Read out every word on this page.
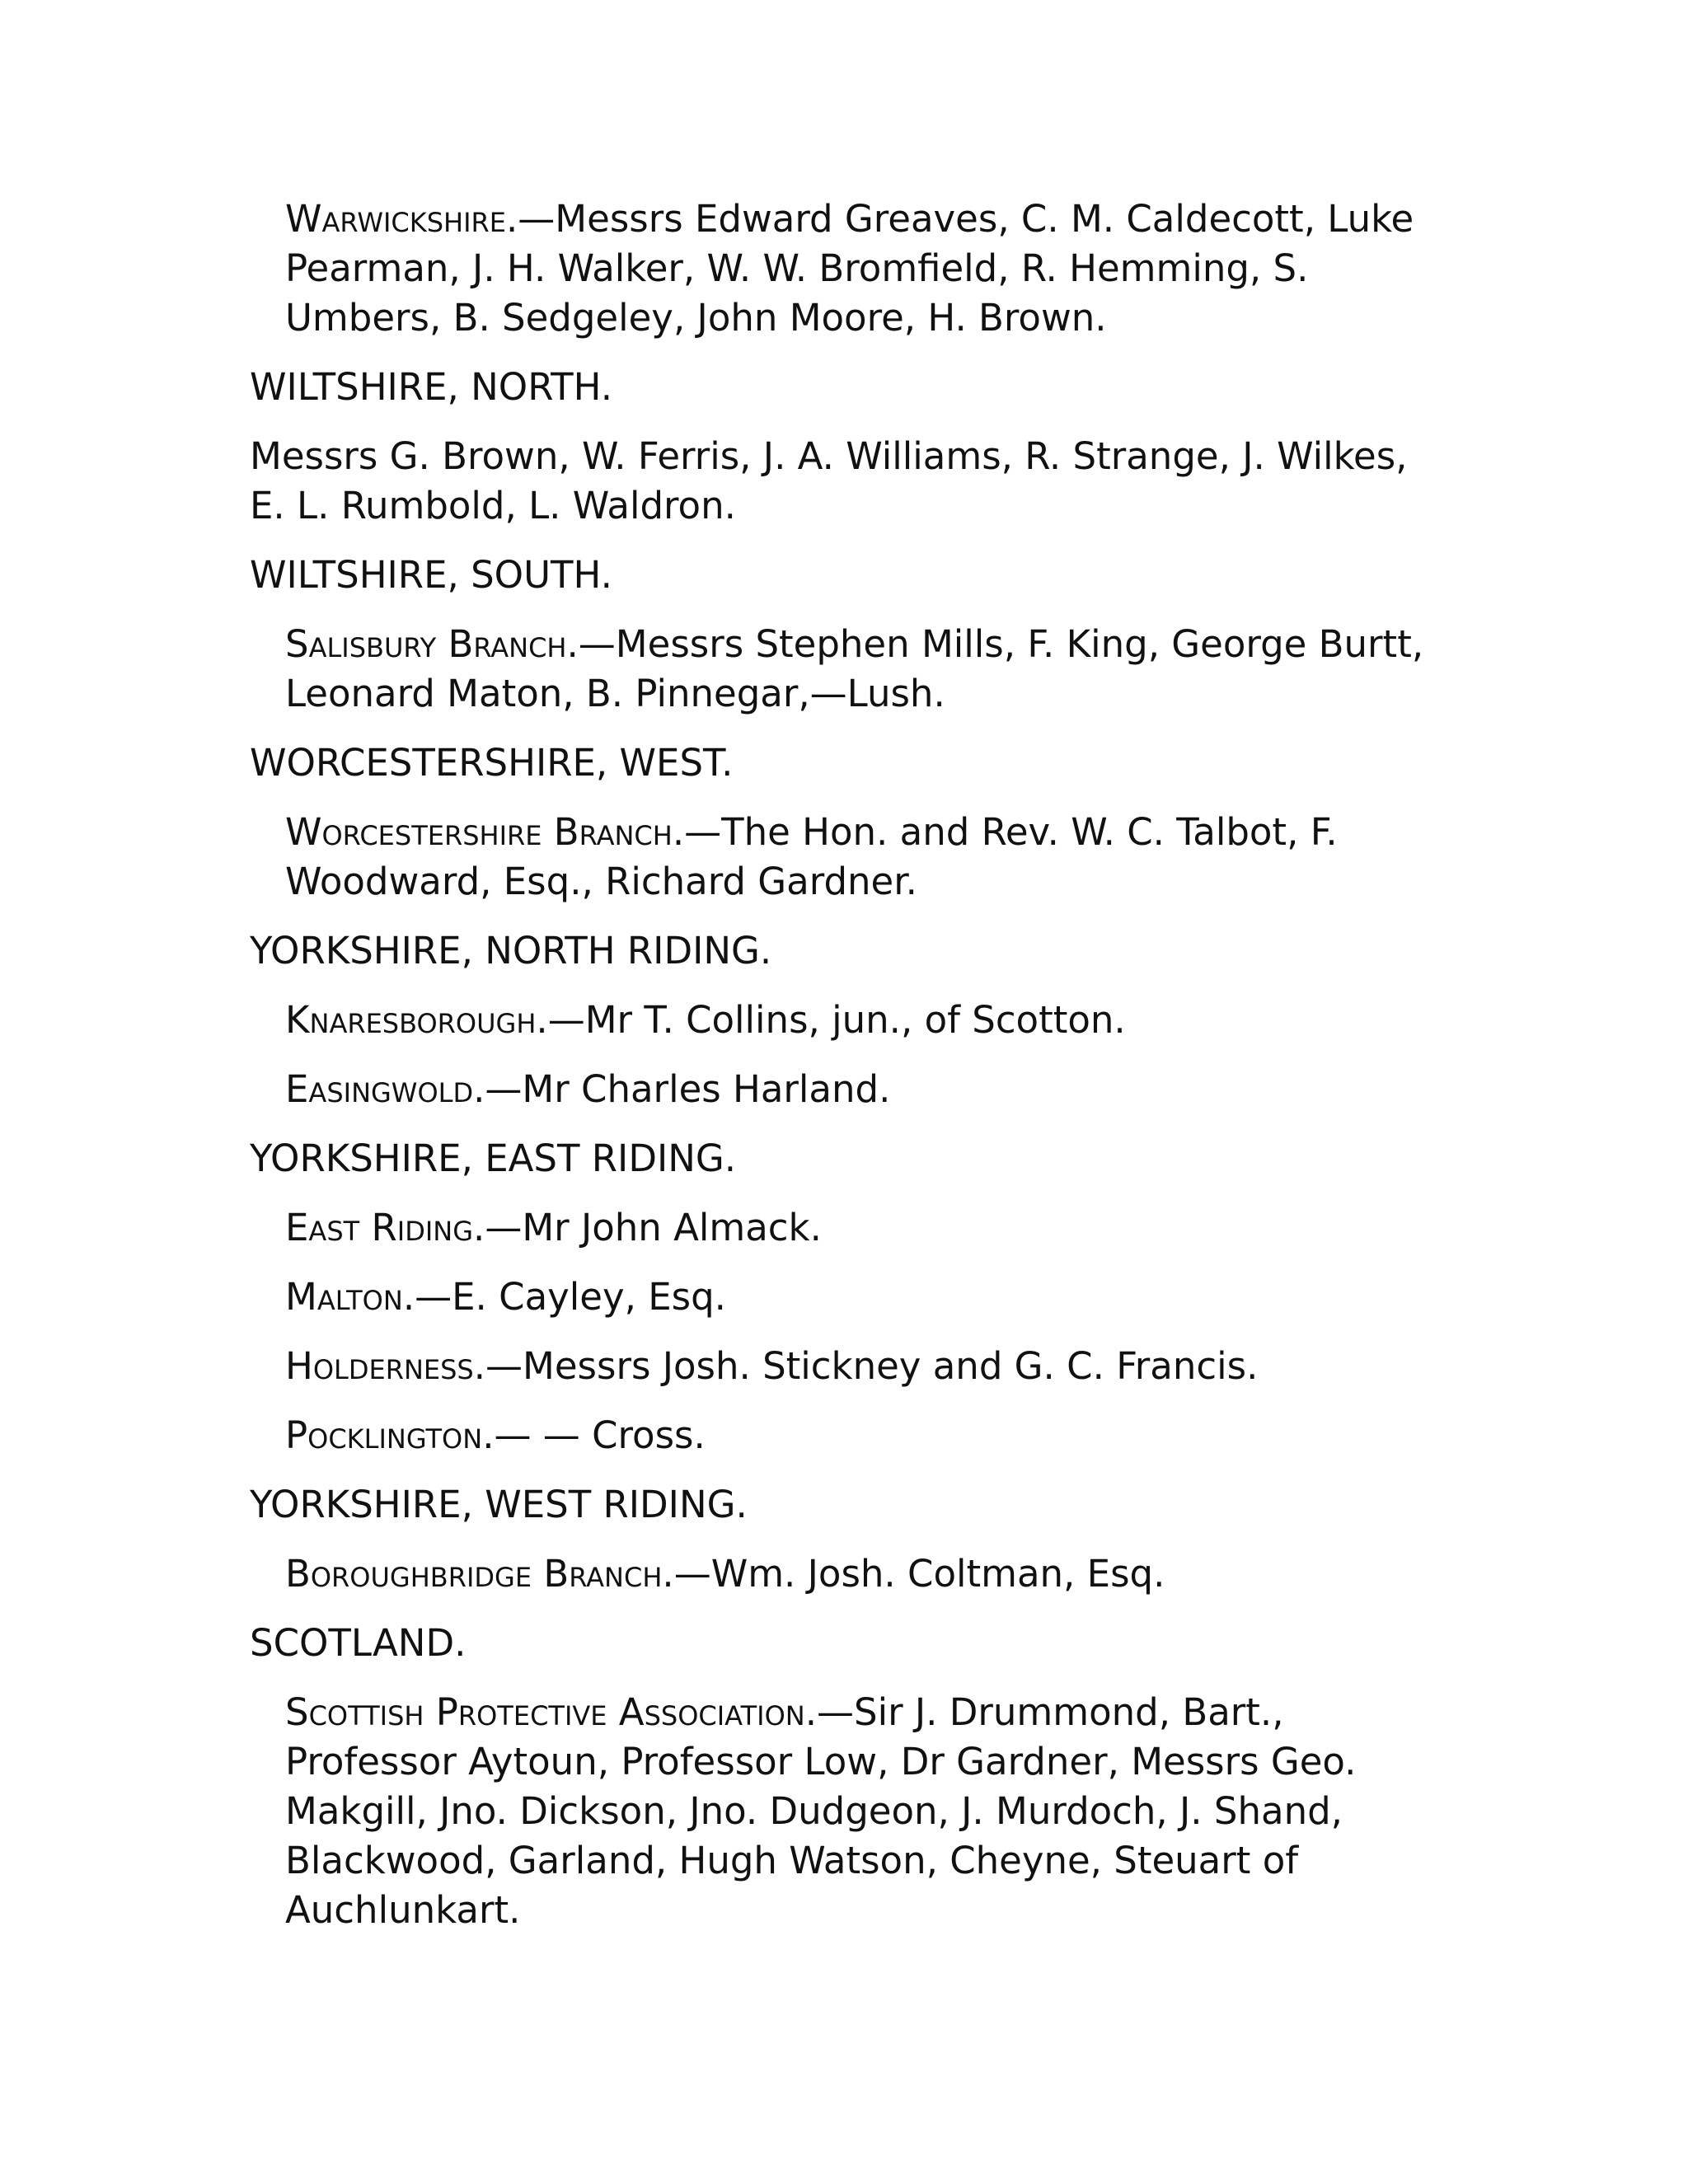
Warwickshire.—Messrs Edward Greaves, C. M. Caldecott, Luke Pearman, J. H. Walker, W. W. Bromfield, R. Hemming, S. Umbers, B. Sedgeley, John Moore, H. Brown.

WILTSHIRE, NORTH.

Messrs G. Brown, W. Ferris, J. A. Williams, R. Strange, J. Wilkes, E. L. Rumbold, L. Waldron.

WILTSHIRE, SOUTH.

Salisbury Branch.—Messrs Stephen Mills, F. King, George Burtt, Leonard Maton, B. Pinnegar,—Lush.

WORCESTERSHIRE, WEST.

Worcestershire Branch.—The Hon. and Rev. W. C. Talbot, F. Woodward, Esq., Richard Gardner.

YORKSHIRE, NORTH RIDING.

Knaresborough.—Mr T. Collins, jun., of Scotton.

Easingwold.—Mr Charles Harland.

YORKSHIRE, EAST RIDING.

East Riding.—Mr John Almack.

Malton.—E. Cayley, Esq.

Holderness.—Messrs Josh. Stickney and G. C. Francis.

Pocklington.— — Cross.

YORKSHIRE, WEST RIDING.

Boroughbridge Branch.—Wm. Josh. Coltman, Esq.

SCOTLAND.

Scottish Protective Association.—Sir J. Drummond, Bart., Professor Aytoun, Professor Low, Dr Gardner, Messrs Geo. Makgill, Jno. Dickson, Jno. Dudgeon, J. Murdoch, J. Shand, Blackwood, Garland, Hugh Watson, Cheyne, Steuart of Auchlunkart.
